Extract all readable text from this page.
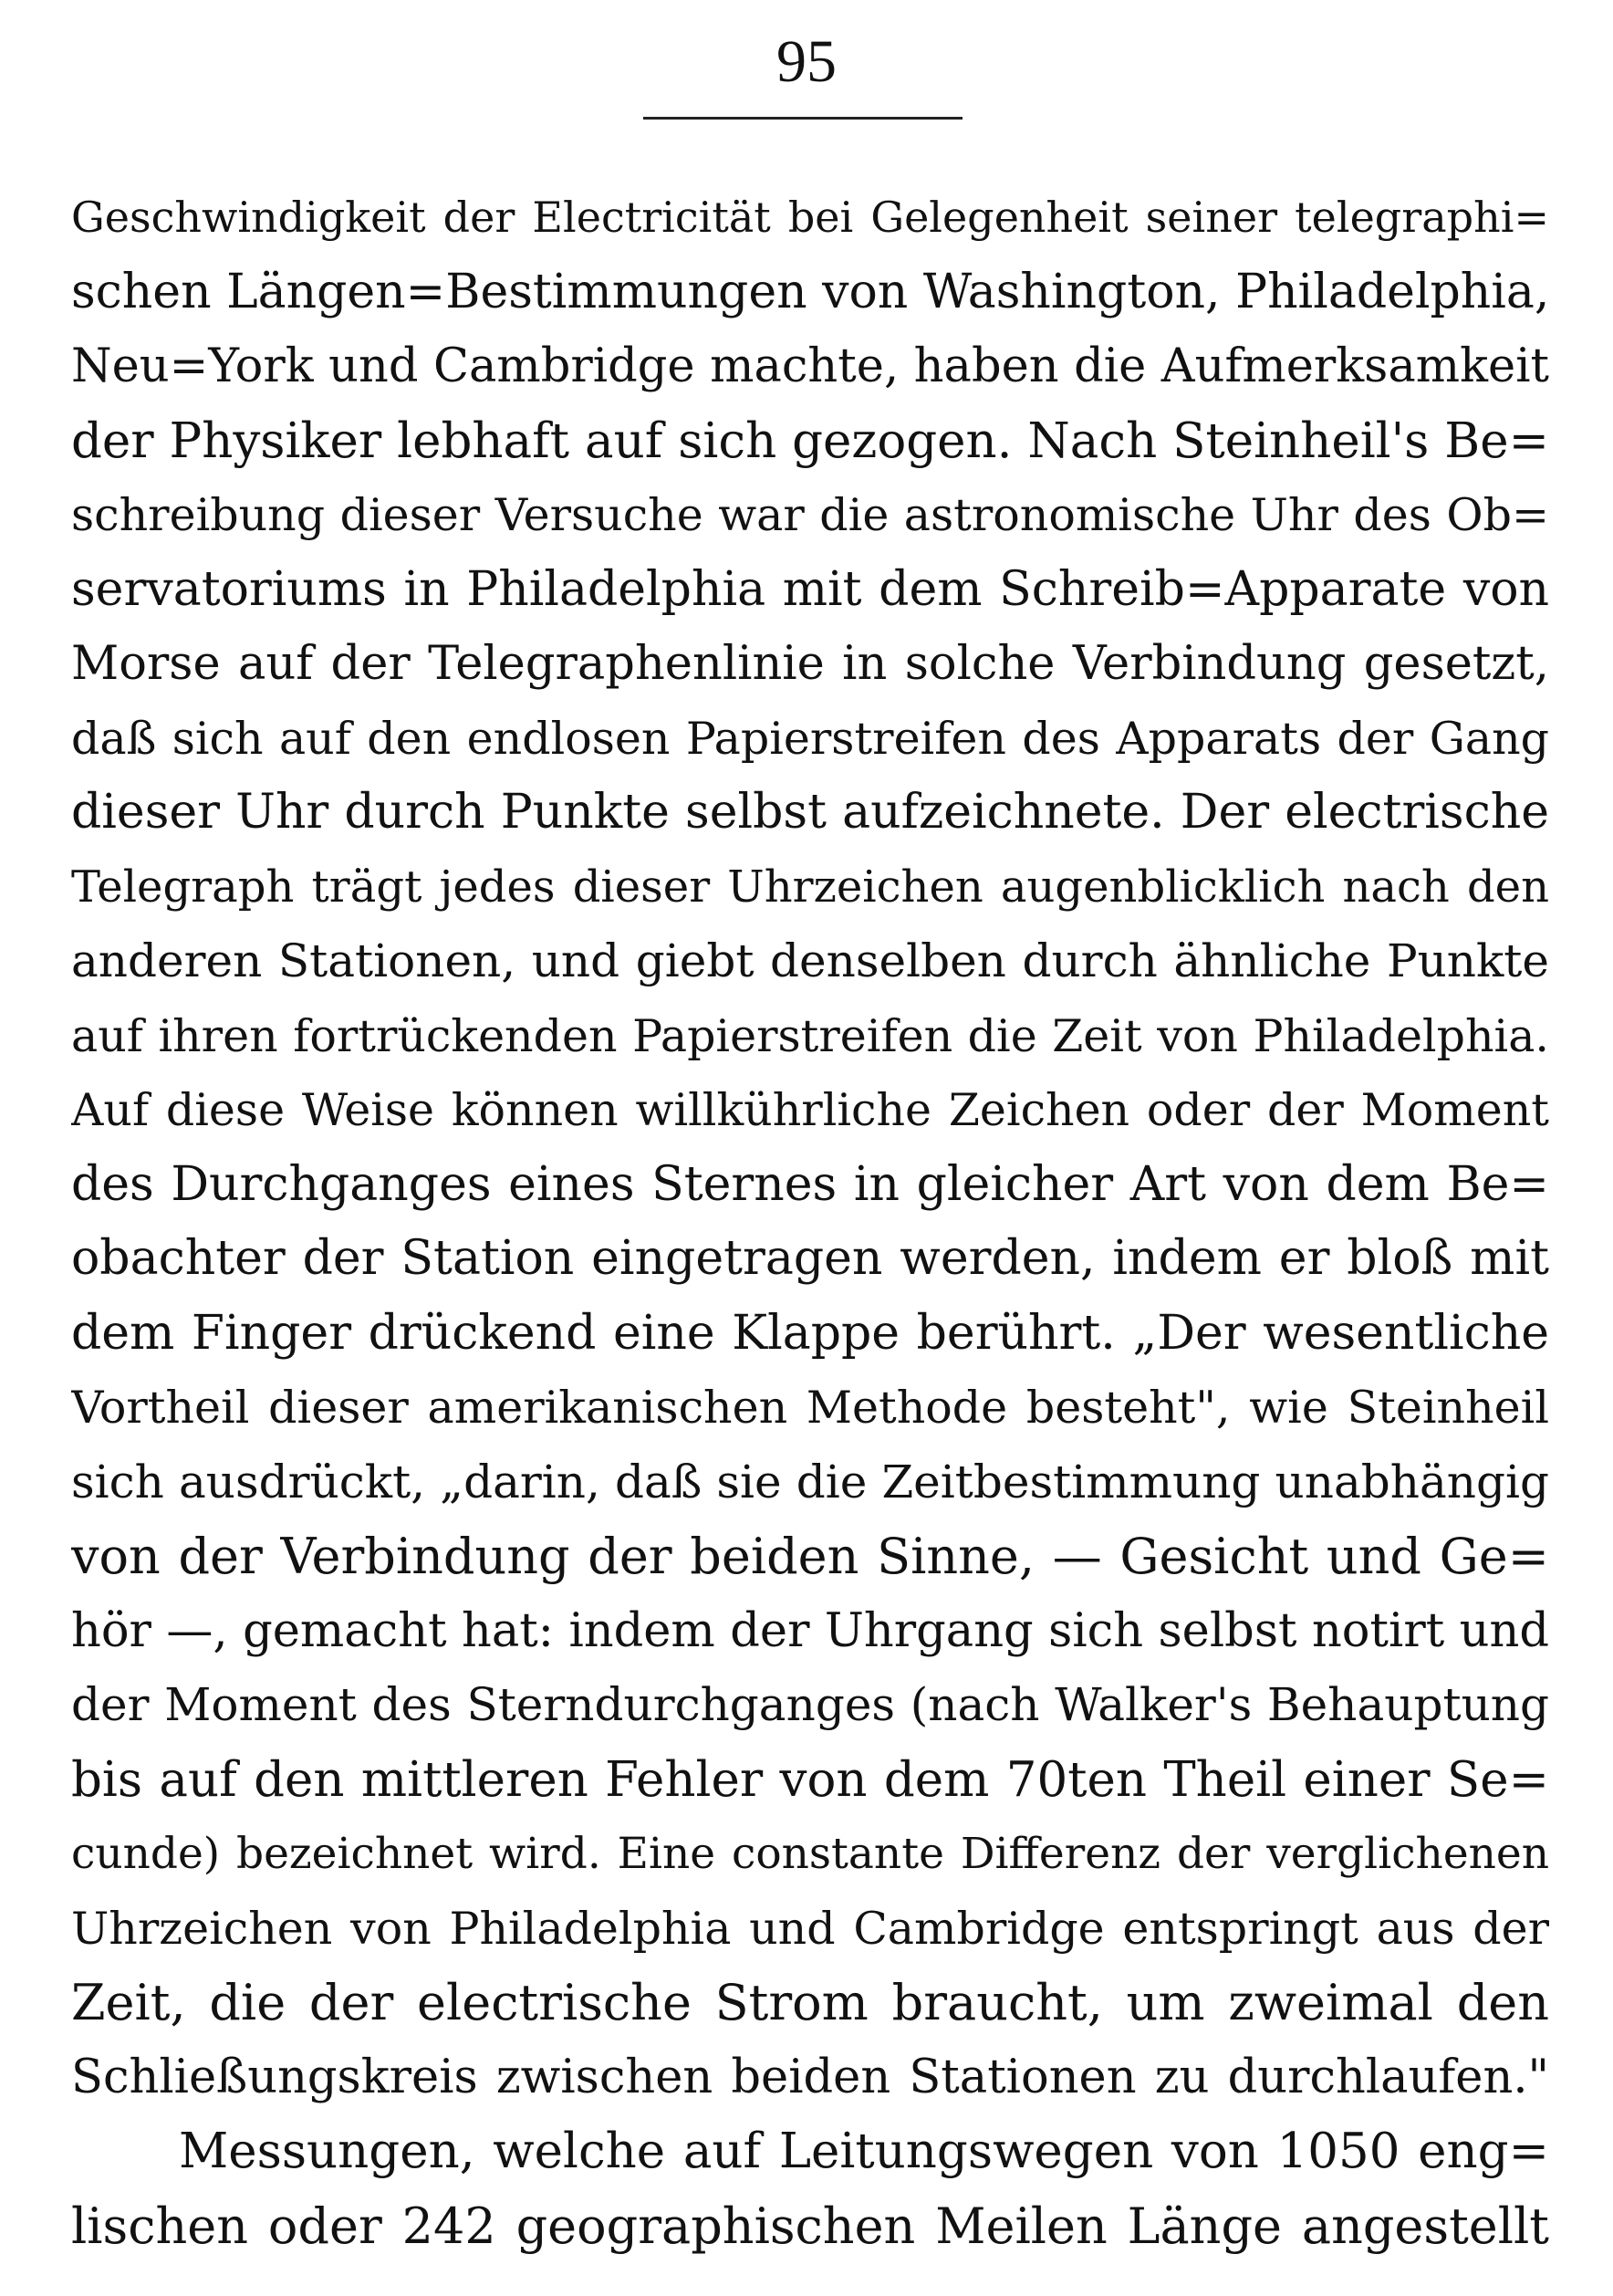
95
Geschwindigkeit der Electricität bei Gelegenheit seiner telegraphi=
schen Längen=Bestimmungen von Washington, Philadelphia,
Neu=York und Cambridge machte, haben die Aufmerksamkeit
der Physiker lebhaft auf sich gezogen. Nach Steinheil's Be=
schreibung dieser Versuche war die astronomische Uhr des Ob=
servatoriums in Philadelphia mit dem Schreib=Apparate von
Morse auf der Telegraphenlinie in solche Verbindung gesetzt,
daß sich auf den endlosen Papierstreifen des Apparats der Gang
dieser Uhr durch Punkte selbst aufzeichnete. Der electrische
Telegraph trägt jedes dieser Uhrzeichen augenblicklich nach den
anderen Stationen, und giebt denselben durch ähnliche Punkte
auf ihren fortrückenden Papierstreifen die Zeit von Philadelphia.
Auf diese Weise können willkührliche Zeichen oder der Moment
des Durchganges eines Sternes in gleicher Art von dem Be=
obachter der Station eingetragen werden, indem er bloß mit
dem Finger drückend eine Klappe berührt. „Der wesentliche
Vortheil dieser amerikanischen Methode besteht", wie Steinheil
sich ausdrückt, „darin, daß sie die Zeitbestimmung unabhängig
von der Verbindung der beiden Sinne, — Gesicht und Ge=
hör —, gemacht hat: indem der Uhrgang sich selbst notirt und
der Moment des Sterndurchganges (nach Walker's Behauptung
bis auf den mittleren Fehler von dem 70ten Theil einer Se=
cunde) bezeichnet wird. Eine constante Differenz der verglichenen
Uhrzeichen von Philadelphia und Cambridge entspringt aus der
Zeit, die der electrische Strom braucht, um zweimal den
Schließungskreis zwischen beiden Stationen zu durchlaufen."
Messungen, welche auf Leitungswegen von 1050 eng=
lischen oder 242 geographischen Meilen Länge angestellt
